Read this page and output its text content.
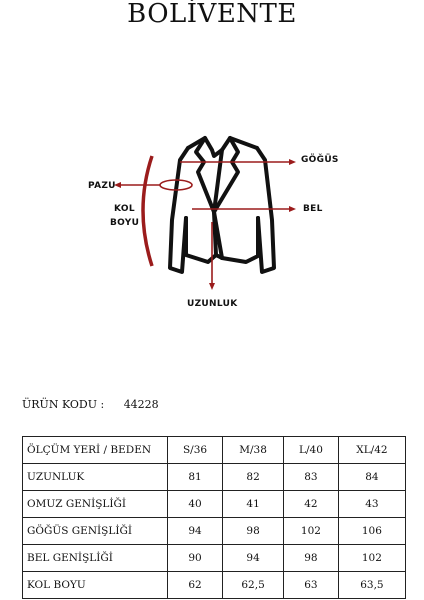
BOLİVENTE
GÖĞÜS
PAZU
KOL
BOYU
BEL
UZUNLUK
ÜRÜN KODU : 44228
ÖLÇÜM YERİ / BEDEN	S/36	M/38	L/40	XL/42
UZUNLUK	81	82	83	84
OMUZ GENİŞLİĞİ	40	41	42	43
GÖĞÜS GENİŞLİĞİ	94	98	102	106
BEL GENİŞLİĞİ	90	94	98	102
KOL BOYU	62	62,5	63	63,5
